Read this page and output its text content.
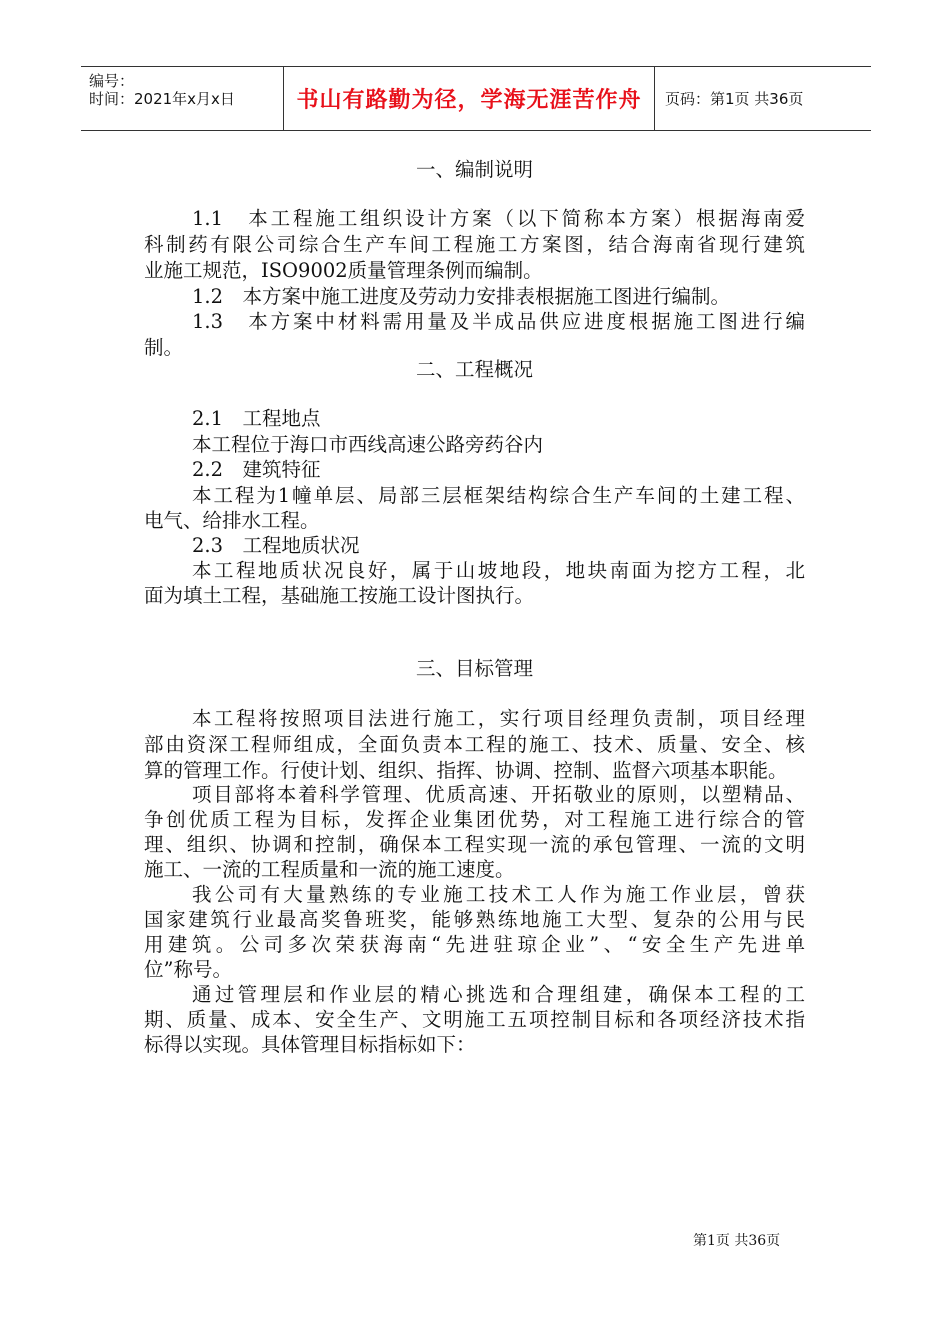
编号：
时间：2021年x月x日	书山有路勤为径，学海无涯苦作舟 页码：第1页 共36页
一、编制说明
1.1　本工程施工组织设计方案（以下简称本方案）根据海南爱
科制药有限公司综合生产车间工程施工方案图，结合海南省现行建筑
业施工规范，ISO9002质量管理条例而编制。
1.2　本方案中施工进度及劳动力安排表根据施工图进行编制。
1.3　本方案中材料需用量及半成品供应进度根据施工图进行编
制。
二、工程概况
2.1　工程地点
本工程位于海口市西线高速公路旁药谷内
2.2　建筑特征
本工程为1幢单层、局部三层框架结构综合生产车间的土建工程、
电气、给排水工程。
2.3　工程地质状况
本工程地质状况良好，属于山坡地段，地块南面为挖方工程，北
面为填土工程，基础施工按施工设计图执行。
三、目标管理
本工程将按照项目法进行施工，实行项目经理负责制，项目经理
部由资深工程师组成，全面负责本工程的施工、技术、质量、安全、核
算的管理工作。行使计划、组织、指挥、协调、控制、监督六项基本职能。
项目部将本着科学管理、优质高速、开拓敬业的原则，以塑精品、
争创优质工程为目标，发挥企业集团优势，对工程施工进行综合的管
理、组织、协调和控制，确保本工程实现一流的承包管理、一流的文明
施工、一流的工程质量和一流的施工速度。
我公司有大量熟练的专业施工技术工人作为施工作业层，曾获
国家建筑行业最高奖鲁班奖，能够熟练地施工大型、复杂的公用与民
用建筑。公司多次荣获海南“先进驻琼企业”、“安全生产先进单
位”称号。
通过管理层和作业层的精心挑选和合理组建，确保本工程的工
期、质量、成本、安全生产、文明施工五项控制目标和各项经济技术指
标得以实现。具体管理目标指标如下：
第1页 共36页
